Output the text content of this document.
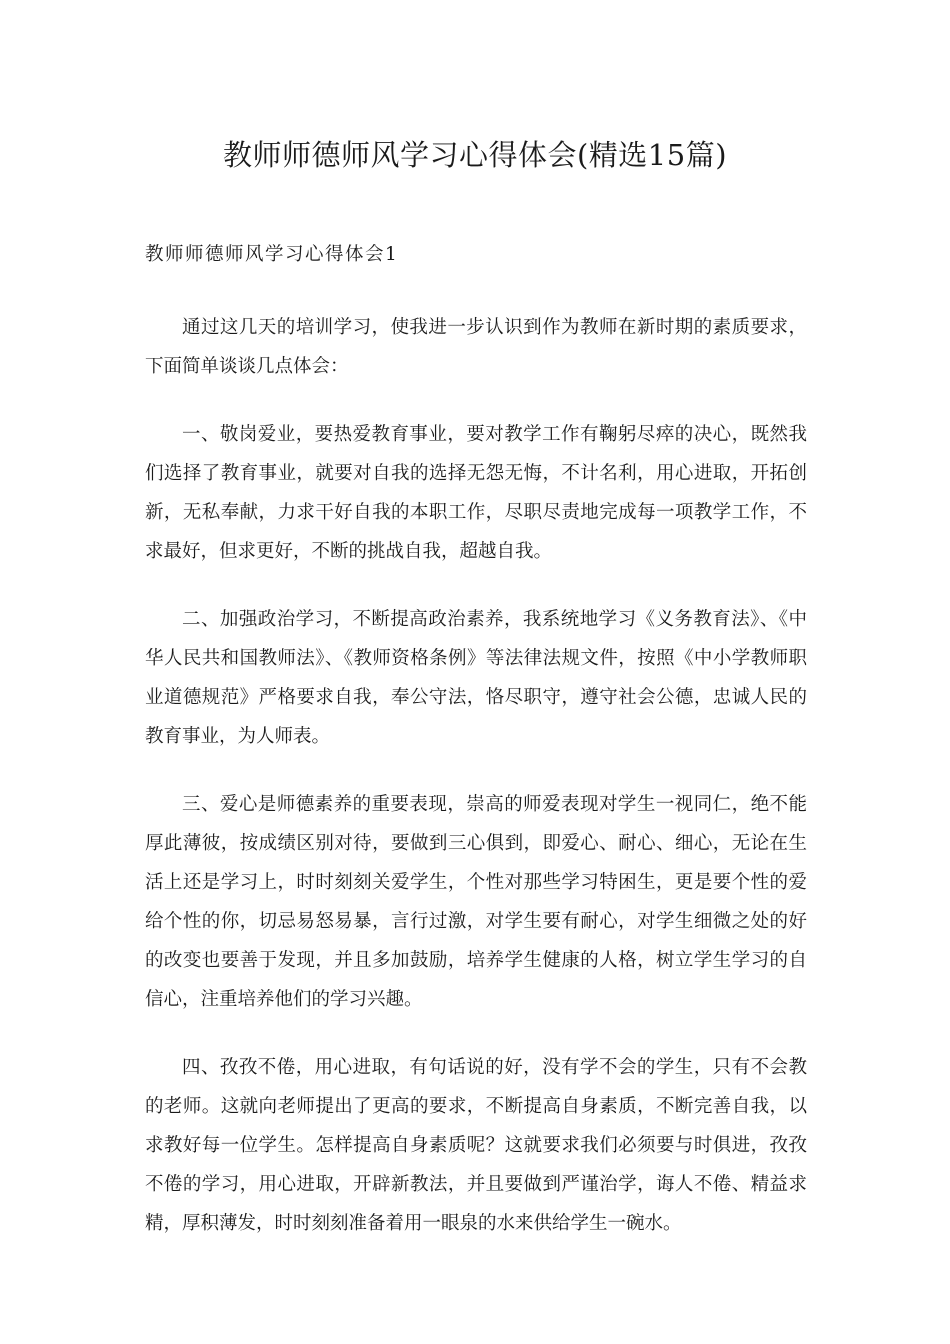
教师师德师风学习心得体会(精选15篇)
教师师德师风学习心得体会1

通过这几天的培训学习，使我进一步认识到作为教师在新时期的素质要求，下面简单谈谈几点体会：

一、敬岗爱业，要热爱教育事业，要对教学工作有鞠躬尽瘁的决心，既然我们选择了教育事业，就要对自我的选择无怨无悔，不计名利，用心进取，开拓创新，无私奉献，力求干好自我的本职工作，尽职尽责地完成每一项教学工作，不求最好，但求更好，不断的挑战自我，超越自我。

二、加强政治学习，不断提高政治素养，我系统地学习《义务教育法》、《中华人民共和国教师法》、《教师资格条例》等法律法规文件，按照《中小学教师职业道德规范》严格要求自我，奉公守法，恪尽职守，遵守社会公德，忠诚人民的教育事业，为人师表。

三、爱心是师德素养的重要表现，崇高的师爱表现对学生一视同仁，绝不能厚此薄彼，按成绩区别对待，要做到三心俱到，即爱心、耐心、细心，无论在生活上还是学习上，时时刻刻关爱学生，个性对那些学习特困生，更是要个性的爱给个性的你，切忌易怒易暴，言行过激，对学生要有耐心，对学生细微之处的好的改变也要善于发现，并且多加鼓励，培养学生健康的人格，树立学生学习的自信心，注重培养他们的学习兴趣。

四、孜孜不倦，用心进取，有句话说的好，没有学不会的学生，只有不会教的老师。这就向老师提出了更高的要求，不断提高自身素质，不断完善自我，以求教好每一位学生。怎样提高自身素质呢？这就要求我们必须要与时俱进，孜孜不倦的学习，用心进取，开辟新教法，并且要做到严谨治学，诲人不倦、精益求精，厚积薄发，时时刻刻准备着用一眼泉的水来供给学生一碗水。
